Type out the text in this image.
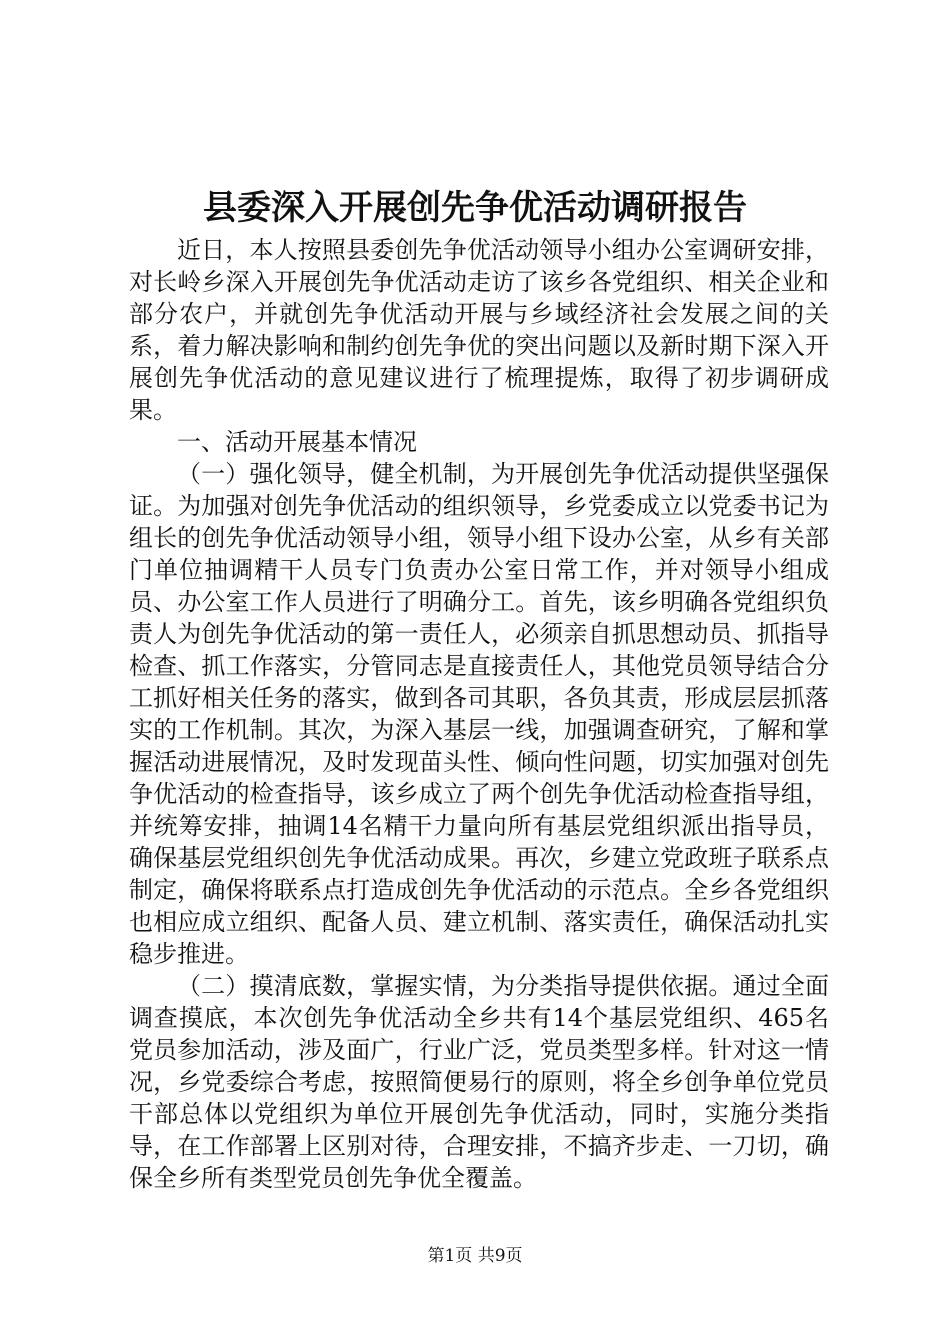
县委深入开展创先争优活动调研报告

近日，本人按照县委创先争优活动领导小组办公室调研安排，对长岭乡深入开展创先争优活动走访了该乡各党组织、相关企业和部分农户，并就创先争优活动开展与乡域经济社会发展之间的关系，着力解决影响和制约创先争优的突出问题以及新时期下深入开展创先争优活动的意见建议进行了梳理提炼，取得了初步调研成果。

一、活动开展基本情况

（一）强化领导，健全机制，为开展创先争优活动提供坚强保证。为加强对创先争优活动的组织领导，乡党委成立以党委书记为组长的创先争优活动领导小组，领导小组下设办公室，从乡有关部门单位抽调精干人员专门负责办公室日常工作，并对领导小组成员、办公室工作人员进行了明确分工。首先，该乡明确各党组织负责人为创先争优活动的第一责任人，必须亲自抓思想动员、抓指导检查、抓工作落实，分管同志是直接责任人，其他党员领导结合分工抓好相关任务的落实，做到各司其职，各负其责，形成层层抓落实的工作机制。其次，为深入基层一线，加强调查研究，了解和掌握活动进展情况，及时发现苗头性、倾向性问题，切实加强对创先争优活动的检查指导，该乡成立了两个创先争优活动检查指导组，并统筹安排，抽调14名精干力量向所有基层党组织派出指导员，确保基层党组织创先争优活动成果。再次，乡建立党政班子联系点制定，确保将联系点打造成创先争优活动的示范点。全乡各党组织也相应成立组织、配备人员、建立机制、落实责任，确保活动扎实稳步推进。

（二）摸清底数，掌握实情，为分类指导提供依据。通过全面调查摸底，本次创先争优活动全乡共有14个基层党组织、465名党员参加活动，涉及面广，行业广泛，党员类型多样。针对这一情况，乡党委综合考虑，按照简便易行的原则，将全乡创争单位党员干部总体以党组织为单位开展创先争优活动，同时，实施分类指导，在工作部署上区别对待，合理安排，不搞齐步走、一刀切，确保全乡所有类型党员创先争优全覆盖。

第1页 共9页
